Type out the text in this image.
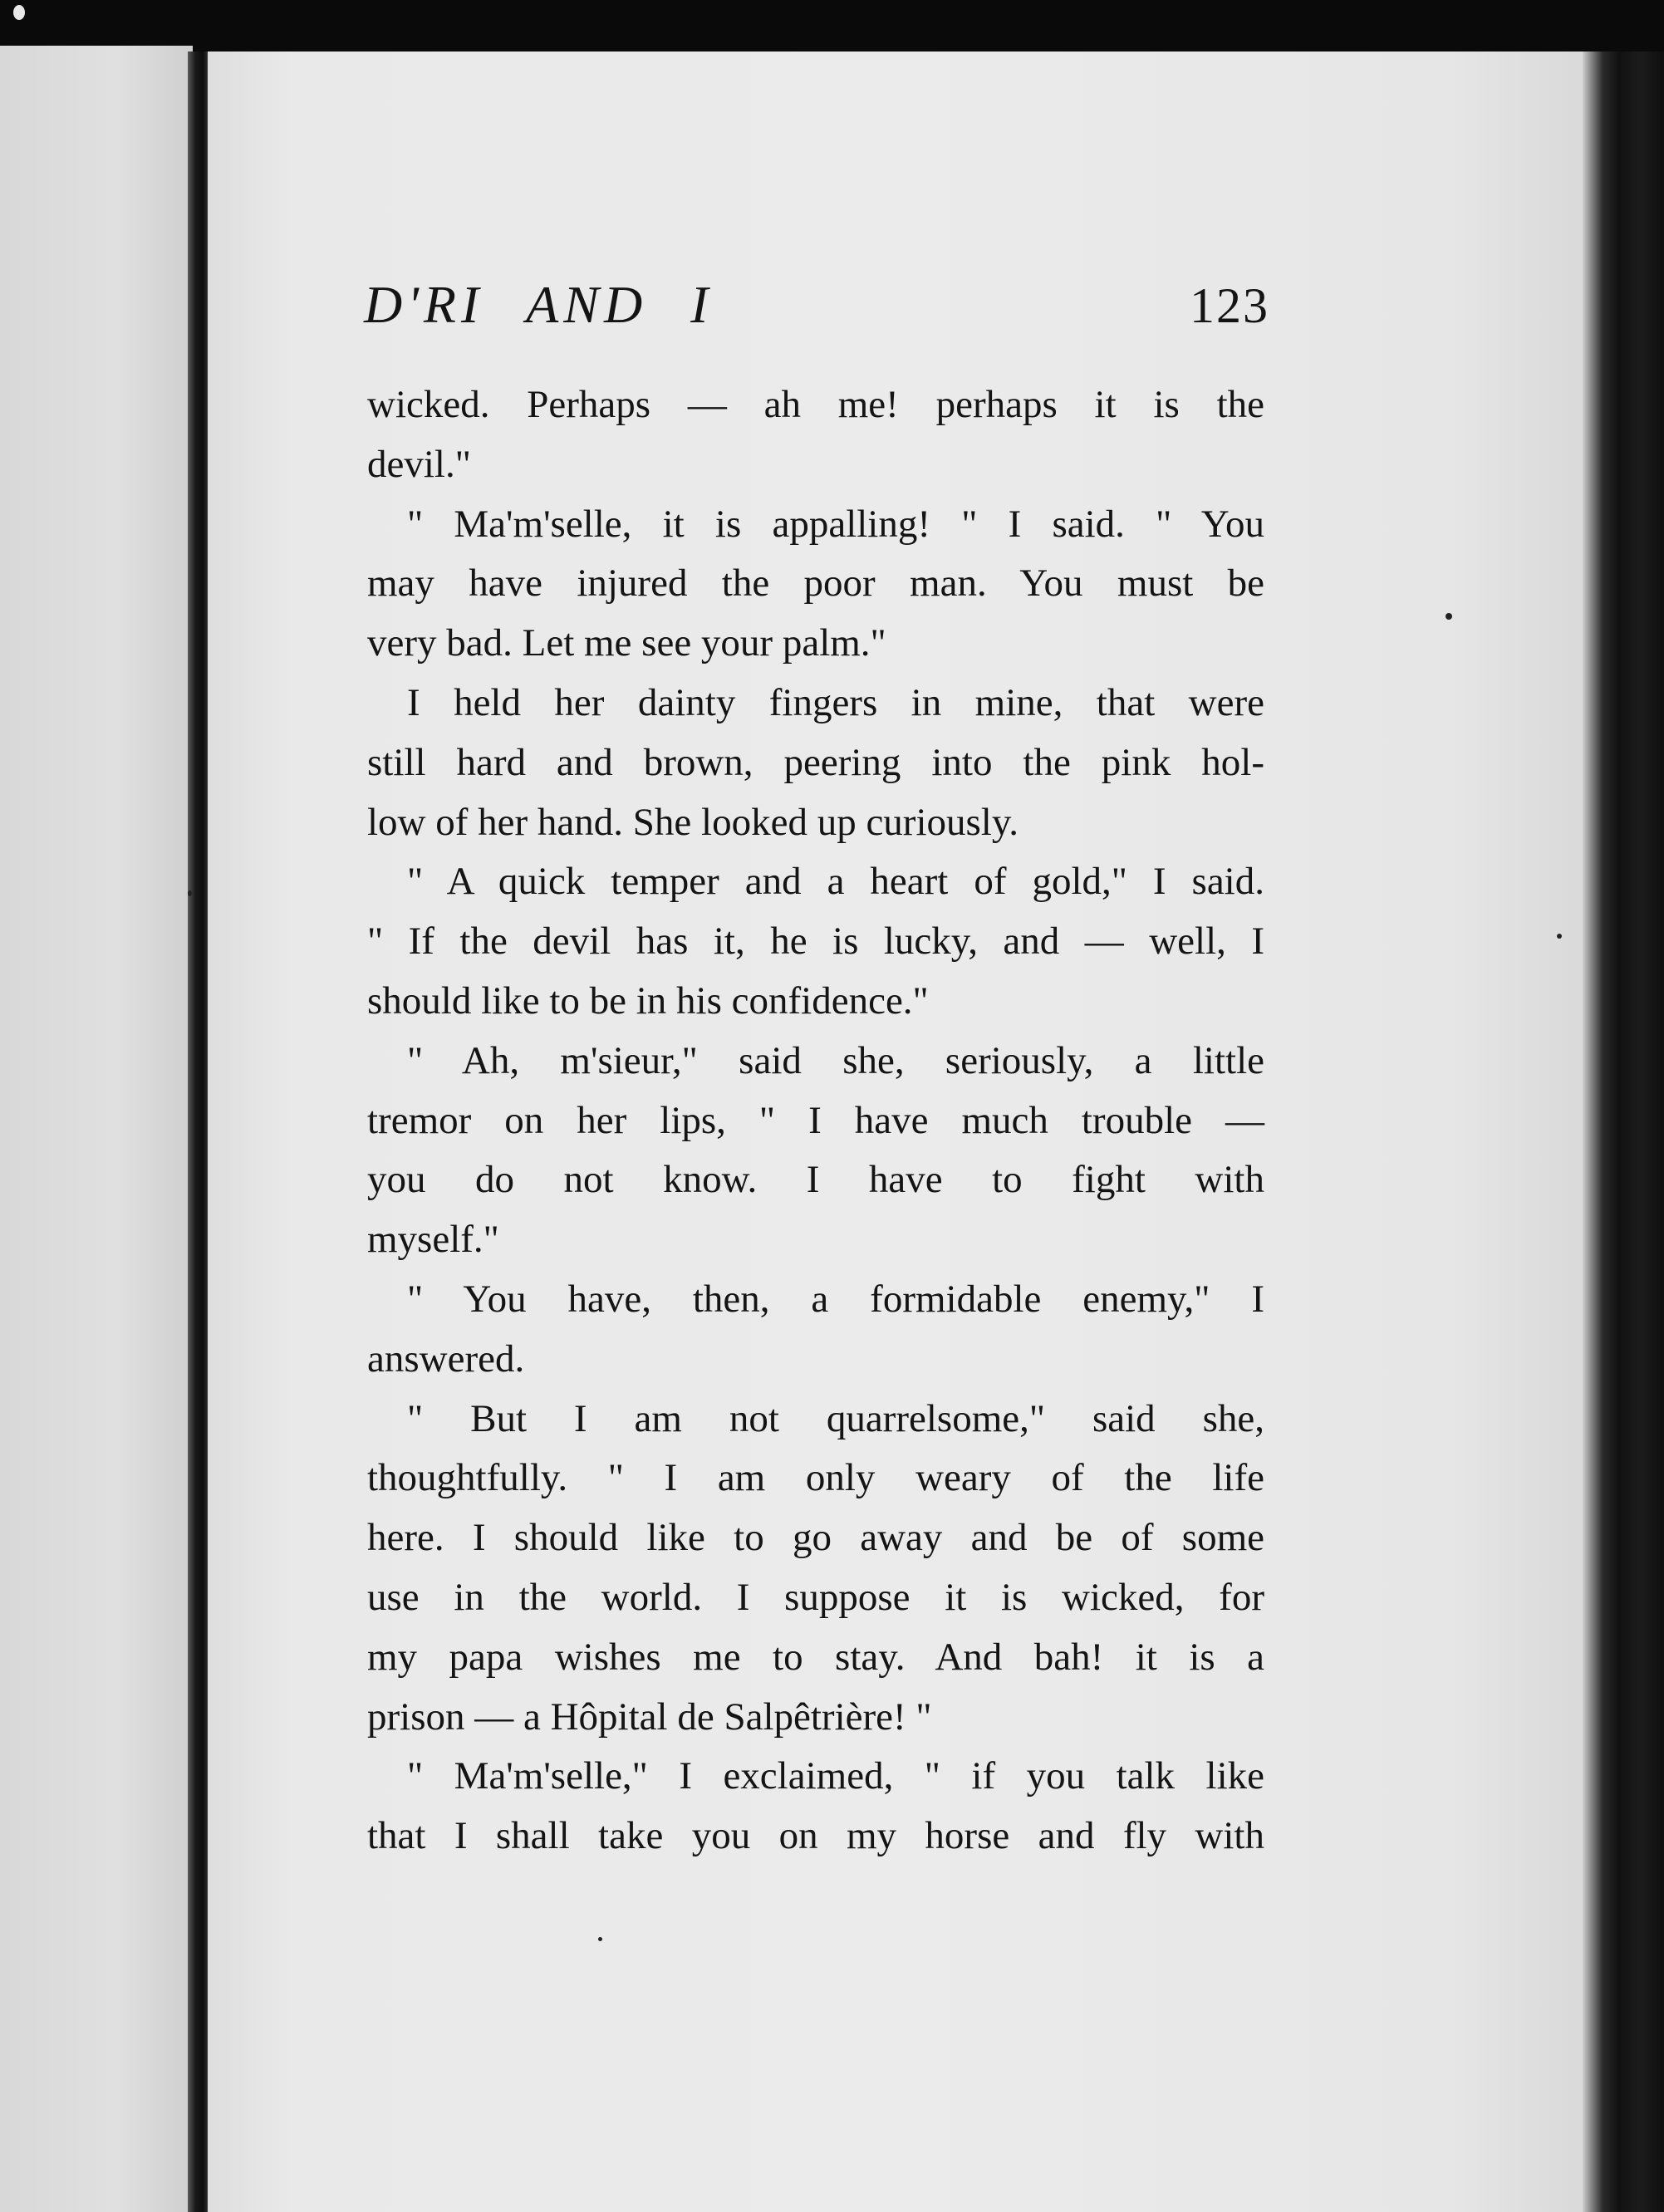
D'RI AND I	123
wicked. Perhaps — ah me! perhaps it is the
devil."
" Ma'm'selle, it is appalling! " I said. " You
may have injured the poor man. You must be
very bad. Let me see your palm."
I held her dainty fingers in mine, that were
still hard and brown, peering into the pink hol-
low of her hand. She looked up curiously.
" A quick temper and a heart of gold," I said.
" If the devil has it, he is lucky, and — well, I
should like to be in his confidence."
" Ah, m'sieur," said she, seriously, a little
tremor on her lips, " I have much trouble —
you do not know. I have to fight with
myself."
" You have, then, a formidable enemy," I
answered.
" But I am not quarrelsome," said she,
thoughtfully. " I am only weary of the life
here. I should like to go away and be of some
use in the world. I suppose it is wicked, for
my papa wishes me to stay. And bah! it is a
prison — a Hôpital de Salpêtrière! "
" Ma'm'selle," I exclaimed, " if you talk like
that I shall take you on my horse and fly with
